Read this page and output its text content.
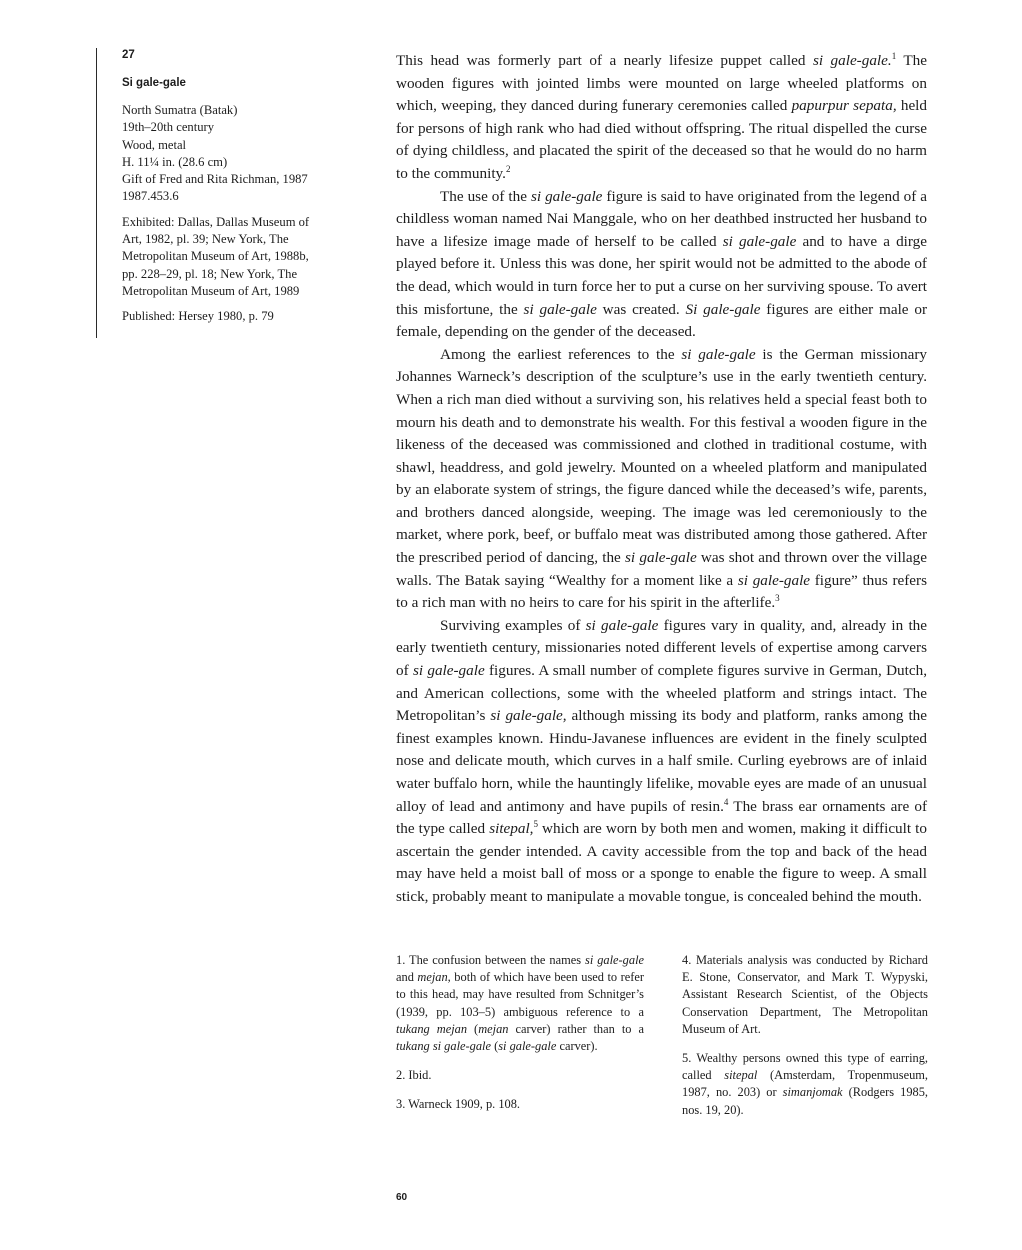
27
Si gale-gale
North Sumatra (Batak)
19th–20th century
Wood, metal
H. 11¼ in. (28.6 cm)
Gift of Fred and Rita Richman, 1987
1987.453.6
Exhibited: Dallas, Dallas Museum of
Art, 1982, pl. 39; New York, The
Metropolitan Museum of Art, 1988b,
pp. 228–29, pl. 18; New York, The
Metropolitan Museum of Art, 1989
Published: Hersey 1980, p. 79

This head was formerly part of a nearly lifesize puppet called si gale-gale.$^1$ The wooden figures with jointed limbs were mounted on large wheeled platforms on which, weeping, they danced during funerary ceremonies called papurpur sepata, held for persons of high rank who had died without offspring. The ritual dispelled the curse of dying childless, and placated the spirit of the deceased so that he would do no harm to the community.$^2$

The use of the si gale-gale figure is said to have originated from the legend of a childless woman named Nai Manggale, who on her deathbed instructed her husband to have a lifesize image made of herself to be called si gale-gale and to have a dirge played before it. Unless this was done, her spirit would not be admitted to the abode of the dead, which would in turn force her to put a curse on her surviving spouse. To avert this misfortune, the si gale-gale was created. Si gale-gale figures are either male or female, depending on the gender of the deceased.

Among the earliest references to the si gale-gale is the German missionary Johannes Warneck’s description of the sculpture’s use in the early twentieth century. When a rich man died without a surviving son, his relatives held a special feast both to mourn his death and to demonstrate his wealth. For this festival a wooden figure in the likeness of the deceased was commissioned and clothed in traditional costume, with shawl, headdress, and gold jewelry. Mounted on a wheeled platform and manipulated by an elaborate system of strings, the figure danced while the deceased’s wife, parents, and brothers danced alongside, weeping. The image was led ceremoniously to the market, where pork, beef, or buffalo meat was distributed among those gathered. After the prescribed period of dancing, the si gale-gale was shot and thrown over the village walls. The Batak saying “Wealthy for a moment like a si gale-gale figure” thus refers to a rich man with no heirs to care for his spirit in the afterlife.$^3$

Surviving examples of si gale-gale figures vary in quality, and, already in the early twentieth century, missionaries noted different levels of expertise among carvers of si gale-gale figures. A small number of complete figures survive in German, Dutch, and American collections, some with the wheeled platform and strings intact. The Metropolitan’s si gale-gale, although missing its body and platform, ranks among the finest examples known. Hindu-Javanese influences are evident in the finely sculpted nose and delicate mouth, which curves in a half smile. Curling eyebrows are of inlaid water buffalo horn, while the hauntingly lifelike, movable eyes are made of an unusual alloy of lead and antimony and have pupils of resin.$^4$ The brass ear ornaments are of the type called sitepal,$^5$ which are worn by both men and women, making it difficult to ascertain the gender intended. A cavity accessible from the top and back of the head may have held a moist ball of moss or a sponge to enable the figure to weep. A small stick, probably meant to manipulate a movable tongue, is concealed behind the mouth.

1. The confusion between the names si gale-gale and mejan, both of which have been used to refer to this head, may have resulted from Schnitger’s (1939, pp. 103–5) ambiguous reference to a tukang mejan (mejan carver) rather than to a tukang si gale-gale (si gale-gale carver).

2. Ibid.

3. Warneck 1909, p. 108.

4. Materials analysis was conducted by Richard E. Stone, Conservator, and Mark T. Wypyski, Assistant Research Scientist, of the Objects Conservation Department, The Metropolitan Museum of Art.

5. Wealthy persons owned this type of earring, called sitepal (Amsterdam, Tropenmuseum, 1987, no. 203) or simanjomak (Rodgers 1985, nos. 19, 20).

60
